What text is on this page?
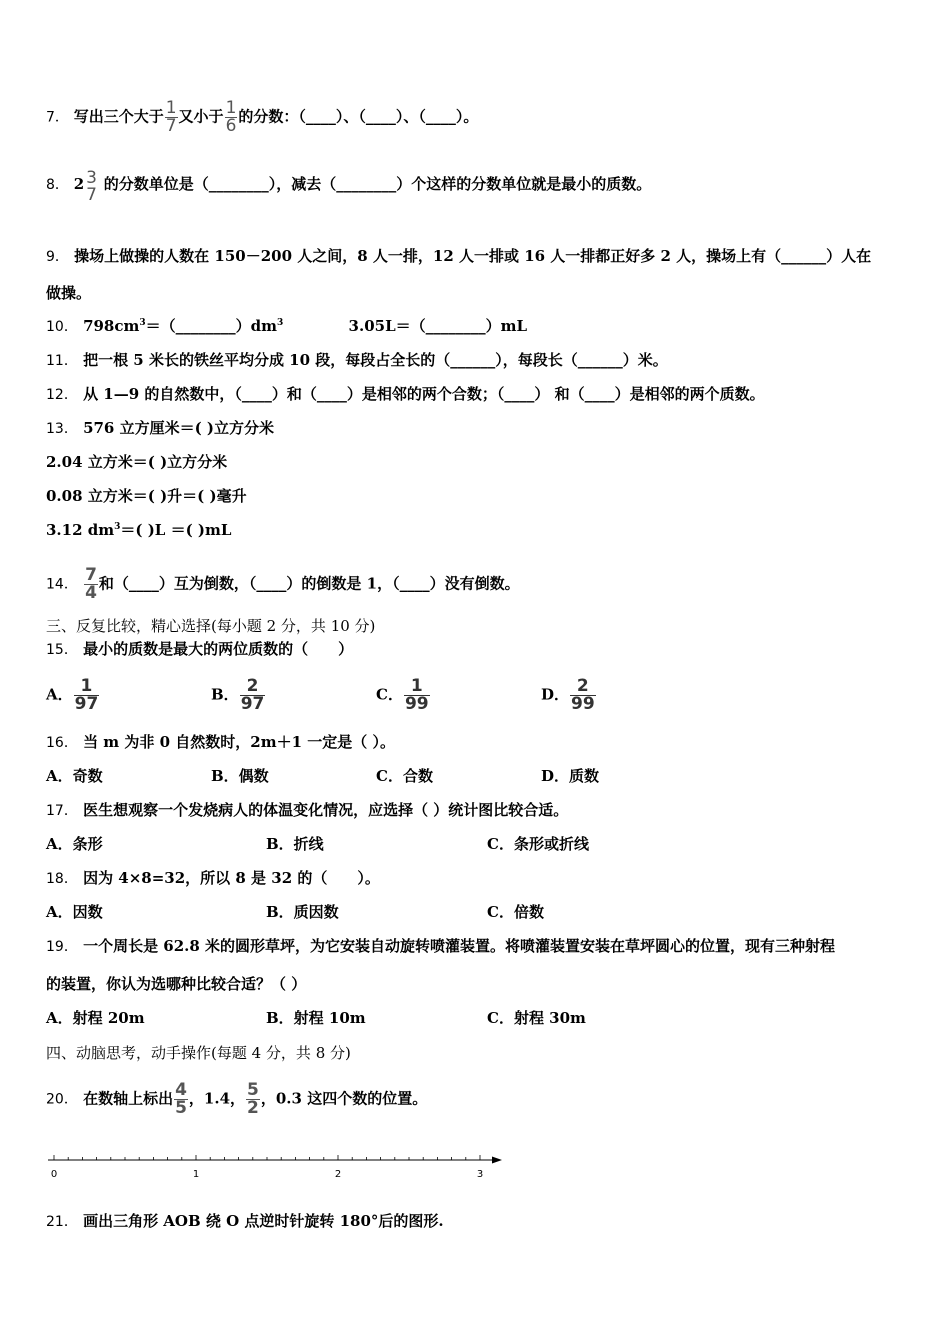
7． 写出三个大于 $\frac{1}{7}$ 又小于 $\frac{1}{6}$ 的分数：（____）、（____）、（____）。
8． 2 3
7
的分数单位是（________），减去（________）个这样的分数单位就是最小的质数。
9． 操场上做操的人数在 150－200 人之间，8 人一排，12 人一排或 16 人一排都正好多 2 人，操场上有（______）人在
做操。
10． $798cm^3=(\_\_\_\_\_\_\_\_)dm^3$	3.05L＝（________）mL
11． 把一根 5 米长的铁丝平均分成 10 段，每段占全长的（______），每段长（______）米。
12． 从 1—9 的自然数中，（____）和（____）是相邻的两个合数；（____） 和（____）是相邻的两个质数。
13． 576 立方厘米＝( )立方分米
2.04 立方米＝( )立方分米
0.08 立方米＝( )升＝( )毫升
3.12 $dm^3=$( )L ＝( )mL
14． $\frac{7}{4}$ 和（____）互为倒数，（____）的倒数是 1，（____）没有倒数。
三、反复比较，精心选择(每小题 2 分，共 10 分)
15． 最小的质数是最大的两位质数的（　　）
A． $\frac{1}{97}$	B． $\frac{2}{97}$	C． $\frac{1}{99}$	D． $\frac{2}{99}$
16． 当 m 为非 0 自然数时，2m＋1 一定是（ ）。
A．奇数	B．偶数	C．合数	D．质数
17． 医生想观察一个发烧病人的体温变化情况，应选择（ ）统计图比较合适。
A．条形	B．折线	C．条形或折线
18． 因为 4×8=32，所以 8 是 32 的（　　）。
A．因数	B．质因数	C．倍数
19． 一个周长是 62.8 米的圆形草坪，为它安装自动旋转喷灌装置。将喷灌装置安装在草坪圆心的位置，现有三种射程
的装置，你认为选哪种比较合适？（ ）
A．射程 20m	B．射程 10m	C．射程 30m
四、动脑思考，动手操作(每题 4 分，共 8 分)
20． 在数轴上标出 $\frac{4}{5}$ ，1.4， $\frac{5}{2}$ ，0.3 这四个数的位置。
0	1	2	3
21． 画出三角形 AOB 绕 O 点逆时针旋转 180°后的图形.
